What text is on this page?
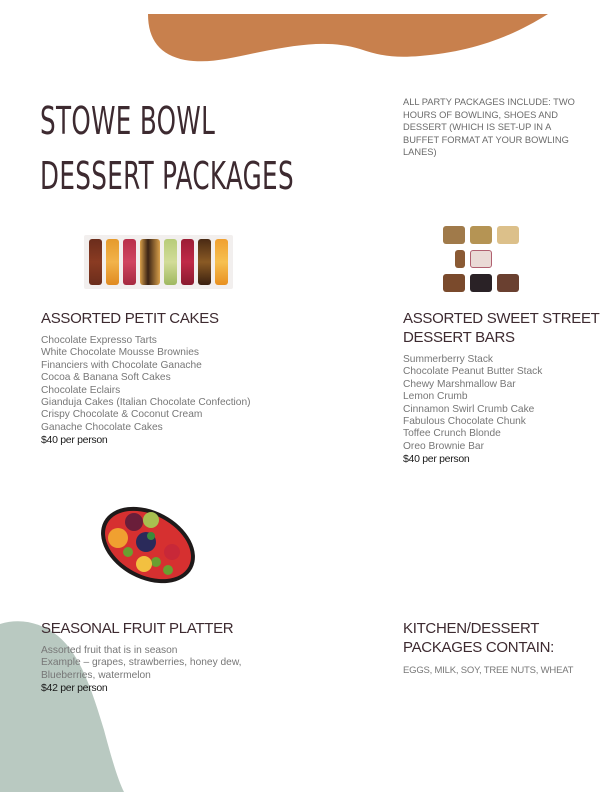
STOWE BOWL
DESSERT PACKAGES
ALL PARTY PACKAGES INCLUDE: TWO HOURS OF BOWLING, SHOES AND DESSERT (WHICH IS SET-UP IN A BUFFET FORMAT AT YOUR BOWLING LANES)
ASSORTED PETIT CAKES
Chocolate Expresso Tarts
White Chocolate Mousse Brownies
Financiers with Chocolate Ganache
Cocoa & Banana Soft Cakes
Chocolate Eclairs
Gianduja Cakes (Italian Chocolate Confection)
Crispy Chocolate & Coconut Cream
Ganache Chocolate Cakes
$40 per person
ASSORTED SWEET STREET DESSERT BARS
Summerberry Stack
Chocolate Peanut Butter Stack
Chewy Marshmallow Bar
Lemon Crumb
Cinnamon Swirl Crumb Cake
Fabulous Chocolate Chunk
Toffee Crunch Blonde
Oreo Brownie Bar
$40 per person
SEASONAL FRUIT PLATTER
Assorted fruit that is in season
Example – grapes, strawberries, honey dew,
Blueberries, watermelon
$42 per person
KITCHEN/DESSERT
PACKAGES CONTAIN:
EGGS, MILK, SOY, TREE NUTS, WHEAT
